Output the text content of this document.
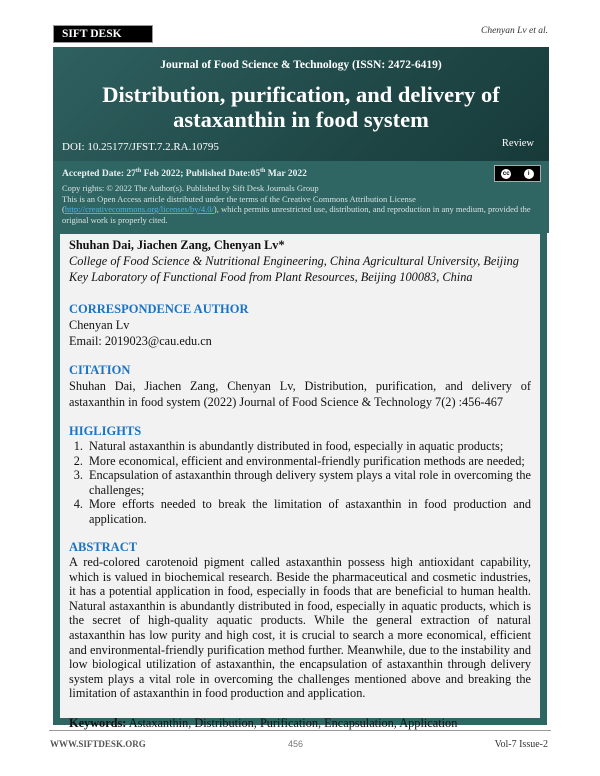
SIFT DESK	Chenyan Lv et al.
Journal of Food Science & Technology (ISSN: 2472-6419)
Distribution, purification, and delivery of astaxanthin in food system
DOI: 10.25177/JFST.7.2.RA.10795	Review
Accepted Date: 27th Feb 2022; Published Date:05th Mar 2022	cc	i
Copy rights: © 2022 The Author(s). Published by Sift Desk Journals Group
This is an Open Access article distributed under the terms of the Creative Commons Attribution License
(http://creativecommons.org/licenses/by/4.0/), which permits unrestricted use, distribution, and reproduction in any medium, provided the original work is properly cited.
Shuhan Dai, Jiachen Zang, Chenyan Lv*
College of Food Science & Nutritional Engineering, China Agricultural University, Beijing Key Laboratory of Functional Food from Plant Resources, Beijing 100083, China
CORRESPONDENCE AUTHOR
Chenyan Lv
Email: 2019023@cau.edu.cn
CITATION

Shuhan Dai, Jiachen Zang, Chenyan Lv, Distribution, purification, and delivery of astaxanthin in food system (2022) Journal of Food Science & Technology 7(2) :456-467

HIGLIGHTS
1. Natural astaxanthin is abundantly distributed in food, especially in aquatic products;
2. More economical, efficient and environmental-friendly purification methods are needed;
3. Encapsulation of astaxanthin through delivery system plays a vital role in overcoming the challenges;
4. More efforts needed to break the limitation of astaxanthin in food production and application.
ABSTRACT

A red-colored carotenoid pigment called astaxanthin possess high antioxidant capability, which is valued in biochemical research. Beside the pharmaceutical and cosmetic industries, it has a potential application in food, especially in foods that are beneficial to human health. Natural astaxanthin is abundantly distributed in food, especially in aquatic products, which is the secret of high-quality aquatic products. While the general extraction of natural astaxanthin has low purity and high cost, it is crucial to search a more economical, efficient and environmental-friendly purification method further. Meanwhile, due to the instability and low biological utilization of astaxanthin, the encapsulation of astaxanthin through delivery system plays a vital role in overcoming the challenges mentioned above and breaking the limitation of astaxanthin in food production and application.

Keywords: Astaxanthin, Distribution, Purification, Encapsulation, Application
WWW.SIFTDESK.ORG	456	Vol-7 Issue-2
